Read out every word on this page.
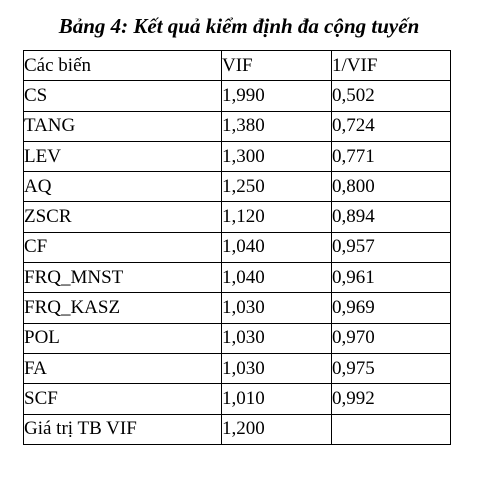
Bảng 4: Kết quả kiểm định đa cộng tuyến
Các biến	VIF	1/VIF
CS	1,990	0,502
TANG	1,380	0,724
LEV	1,300	0,771
AQ	1,250	0,800
ZSCR	1,120	0,894
CF	1,040	0,957
FRQ_MNST	1,040	0,961
FRQ_KASZ	1,030	0,969
POL	1,030	0,970
FA	1,030	0,975
SCF	1,010	0,992
Giá trị TB VIF	1,200	
